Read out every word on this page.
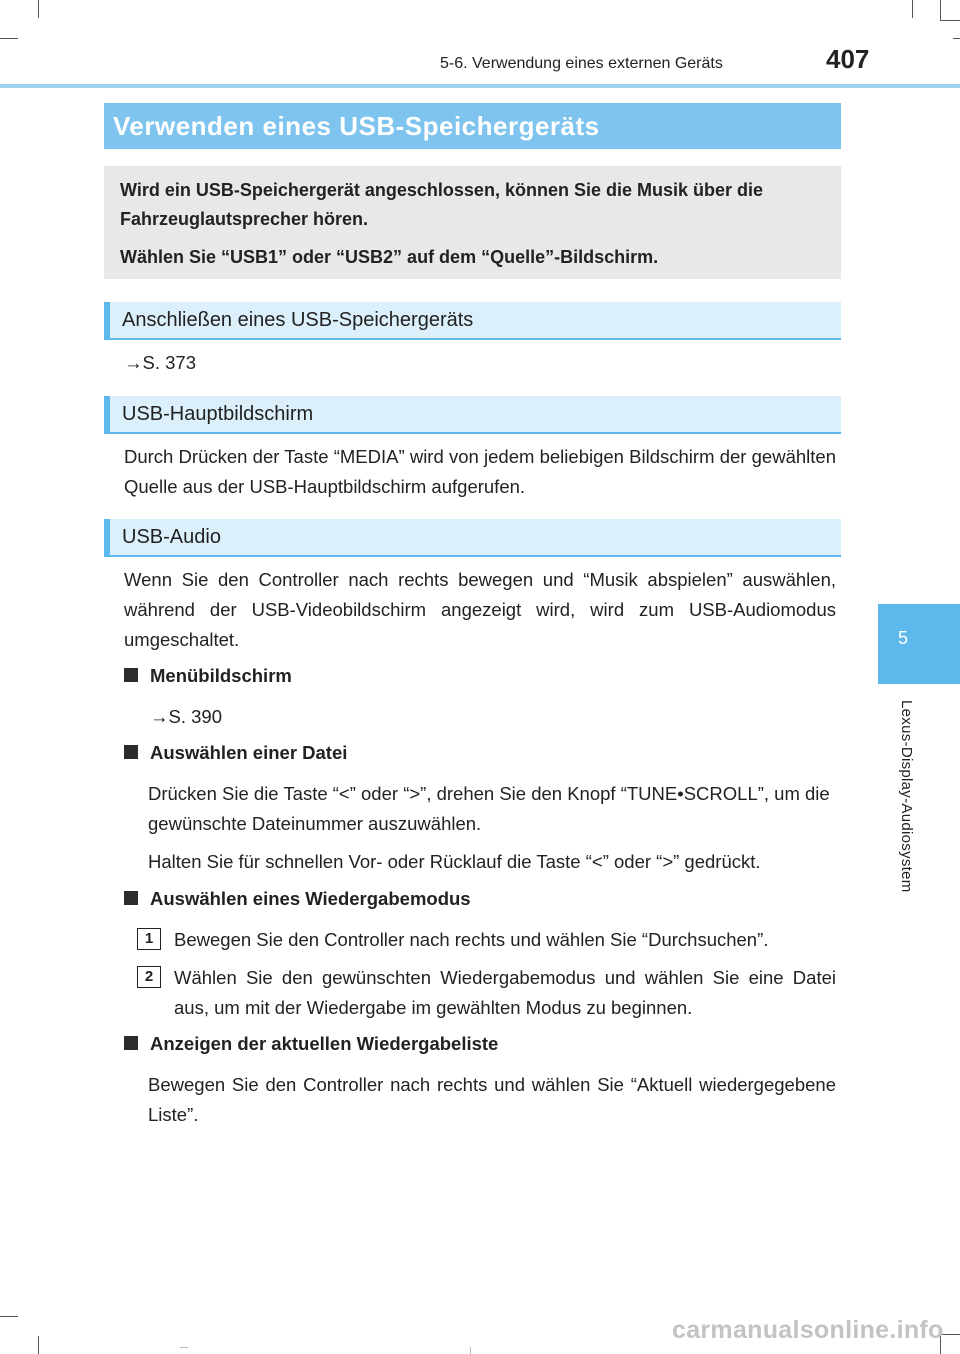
5-6. Verwendung eines externen Geräts	407
5
Lexus-Display-Audiosystem
Verwenden eines USB-Speichergeräts

Wird ein USB-Speichergerät angeschlossen, können Sie die Musik über die Fahrzeuglautsprecher hören.

Wählen Sie “USB1” oder “USB2” auf dem “Quelle”-Bildschirm.

Anschließen eines USB-Speichergeräts
→S. 373
USB-Hauptbildschirm
Durch Drücken der Taste “MEDIA” wird von jedem beliebigen Bildschirm der gewählten Quelle aus der USB-Hauptbildschirm aufgerufen.
USB-Audio
Wenn Sie den Controller nach rechts bewegen und “Musik abspielen” auswählen, während der USB-Videobildschirm angezeigt wird, wird zum USB-Audiomodus umgeschaltet.
Menübildschirm
→S. 390
Auswählen einer Datei
Drücken Sie die Taste “<” oder “>”, drehen Sie den Knopf “TUNE•SCROLL”, um die gewünschte Dateinummer auszuwählen.
Halten Sie für schnellen Vor- oder Rücklauf die Taste “<” oder “>” gedrückt.
Auswählen eines Wiedergabemodus
1	Bewegen Sie den Controller nach rechts und wählen Sie “Durchsuchen”.
2	Wählen Sie den gewünschten Wiedergabemodus und wählen Sie eine Datei aus, um mit der Wiedergabe im gewählten Modus zu beginnen.
Anzeigen der aktuellen Wiedergabeliste
Bewegen Sie den Controller nach rechts und wählen Sie “Aktuell wiedergegebene Liste”.
carmanualsonline.info
